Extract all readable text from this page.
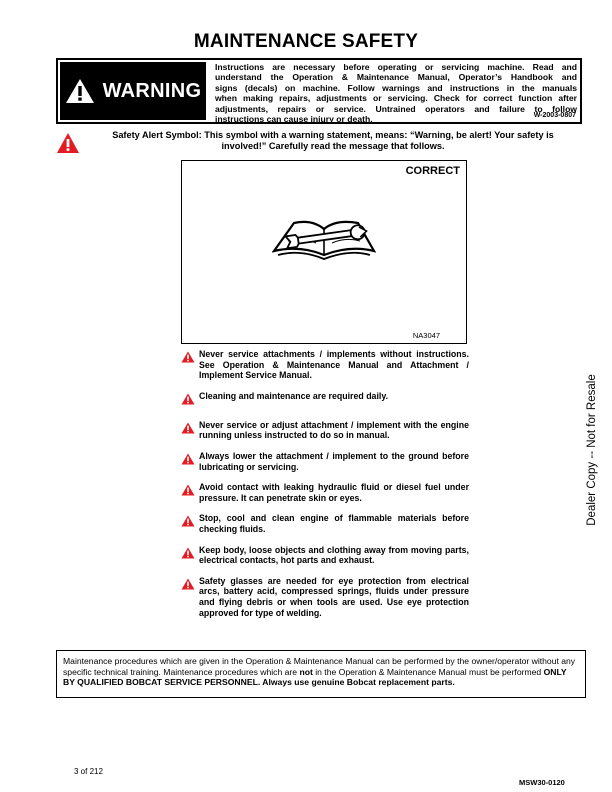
MAINTENANCE SAFETY
WARNING
Instructions are necessary before operating or servicing machine. Read and
understand the Operation & Maintenance Manual, Operator’s Handbook and
signs (decals) on machine. Follow warnings and instructions in the manuals
when making repairs, adjustments or servicing. Check for correct function after
adjustments, repairs or service. Untrained operators and failure to follow
instructions can cause injury or death.	W-2003-0807
Safety Alert Symbol: This symbol with a warning statement, means: “Warning, be alert! Your safety is
involved!” Carefully read the message that follows.
CORRECT
NA3047
Never service attachments / implements without instructions. See Operation & Maintenance Manual and Attachment / Implement Service Manual.
Cleaning and maintenance are required daily.
Never service or adjust attachment / implement with the engine running unless instructed to do so in manual.
Always lower the attachment / implement to the ground before lubricating or servicing.
Avoid contact with leaking hydraulic fluid or diesel fuel under pressure. It can penetrate skin or eyes.
Stop, cool and clean engine of flammable materials before checking fluids.
Keep body, loose objects and clothing away from moving parts, electrical contacts, hot parts and exhaust.
Safety glasses are needed for eye protection from electrical arcs, battery acid, compressed springs, fluids under pressure and flying debris or when tools are used. Use eye protection approved for type of welding.
Dealer Copy -- Not for Resale
Maintenance procedures which are given in the Operation & Maintenance Manual can be performed by the owner/operator without any specific technical training. Maintenance procedures which are not in the Operation & Maintenance Manual must be performed ONLY BY QUALIFIED BOBCAT SERVICE PERSONNEL. Always use genuine Bobcat replacement parts.
3 of 212
MSW30-0120
